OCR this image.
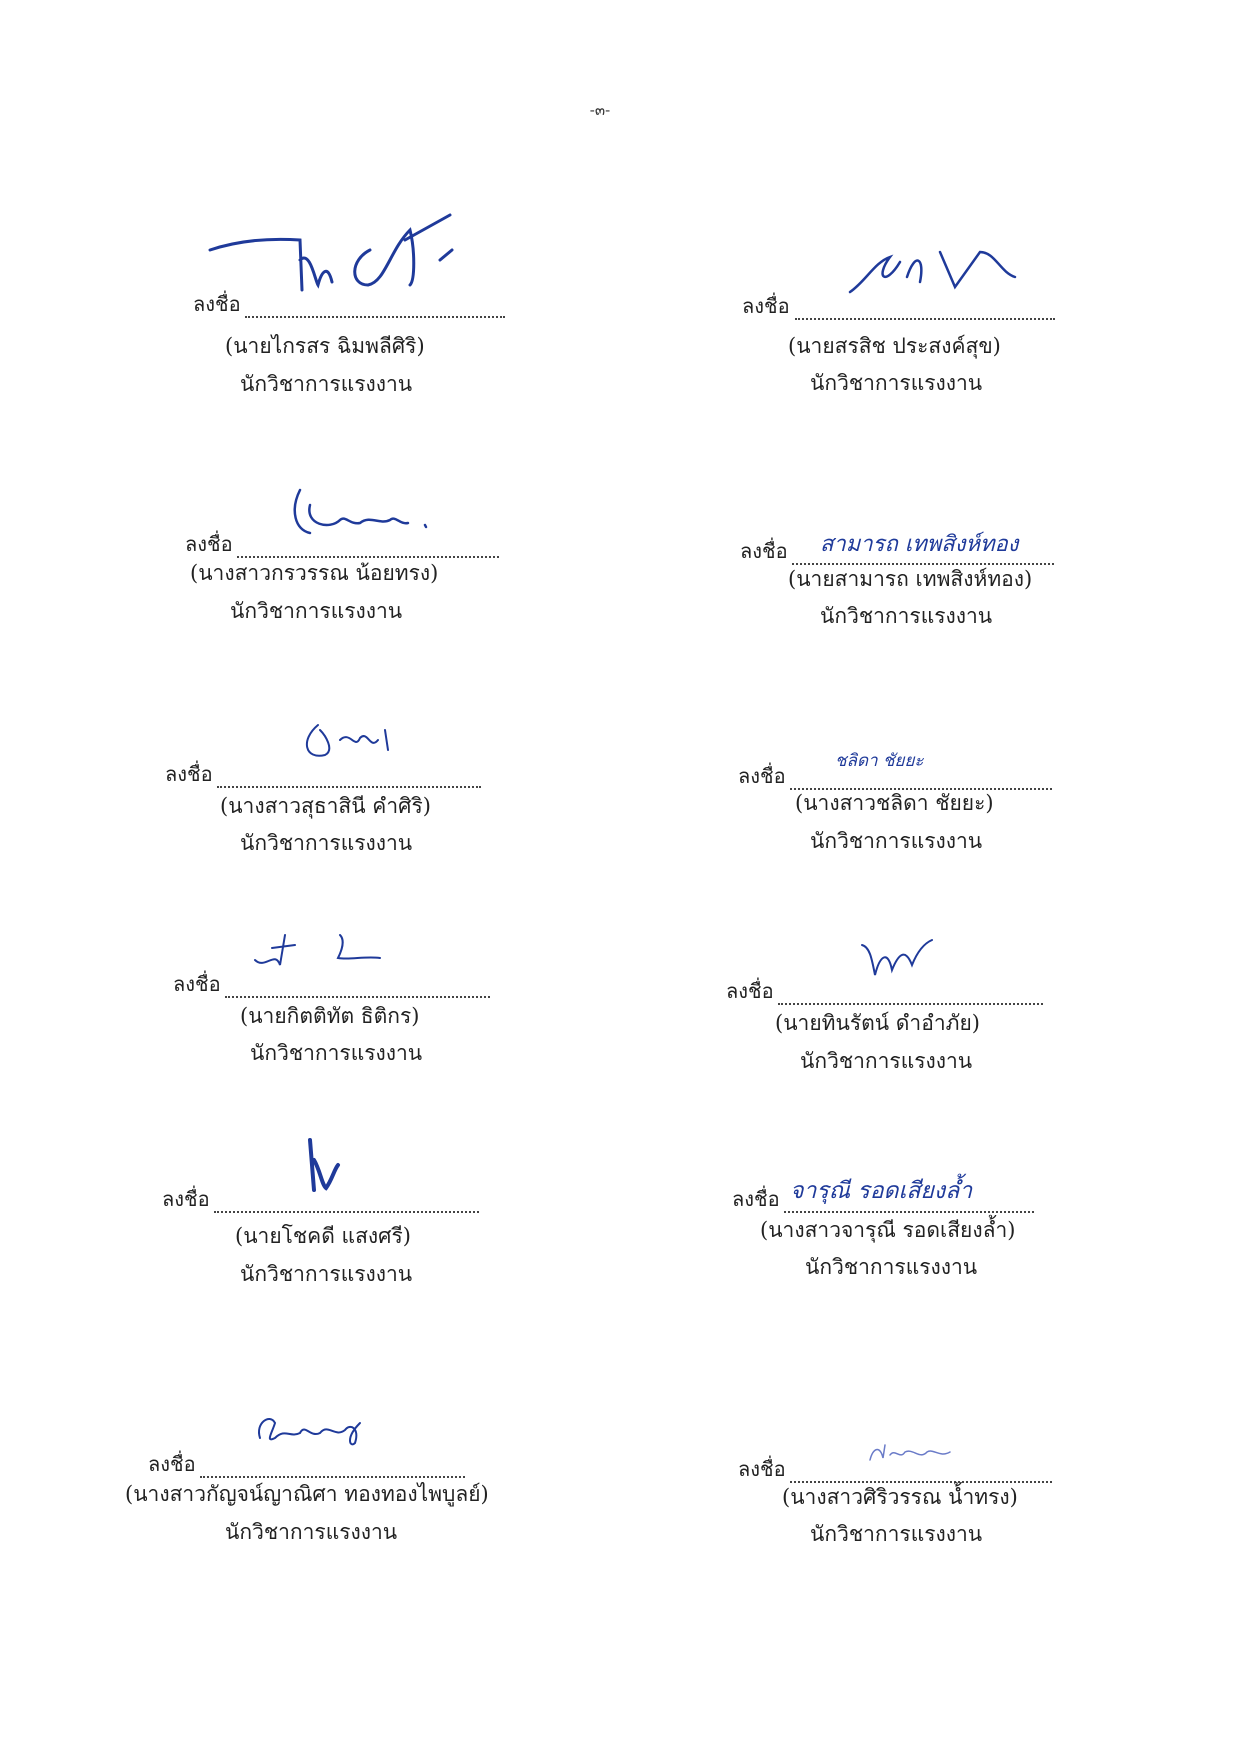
-๓-
ลงชื่อ
(นายไกรสร ฉิมพลีศิริ)
นักวิชาการแรงงาน
ลงชื่อ
(นายสรสิช ประสงค์สุข)
นักวิชาการแรงงาน
ลงชื่อ
(นางสาวกรวรรณ น้อยทรง)
นักวิชาการแรงงาน
ลงชื่อ สามารถ เทพสิงห์ทอง
(นายสามารถ เทพสิงห์ทอง)
นักวิชาการแรงงาน
ลงชื่อ
(นางสาวสุธาสินี คำศิริ)
นักวิชาการแรงงาน
ลงชื่อ
ชลิดา ชัยยะ
(นางสาวชลิดา ชัยยะ)
นักวิชาการแรงงาน
ลงชื่อ
(นายกิตติทัต ธิติกร)
นักวิชาการแรงงาน
ลงชื่อ
(นายทินรัตน์ ดำอำภัย)
นักวิชาการแรงงาน
ลงชื่อ
(นายโชคดี แสงศรี)
นักวิชาการแรงงาน
ลงชื่อ จารุณี รอดเสียงล้ำ
(นางสาวจารุณี รอดเสียงล้ำ)
นักวิชาการแรงงาน
ลงชื่อ
(นางสาวกัญจน์ญาณิศา ทองทองไพบูลย์)
นักวิชาการแรงงาน
ลงชื่อ
(นางสาวศิริวรรณ น้ำทรง)
นักวิชาการแรงงาน
